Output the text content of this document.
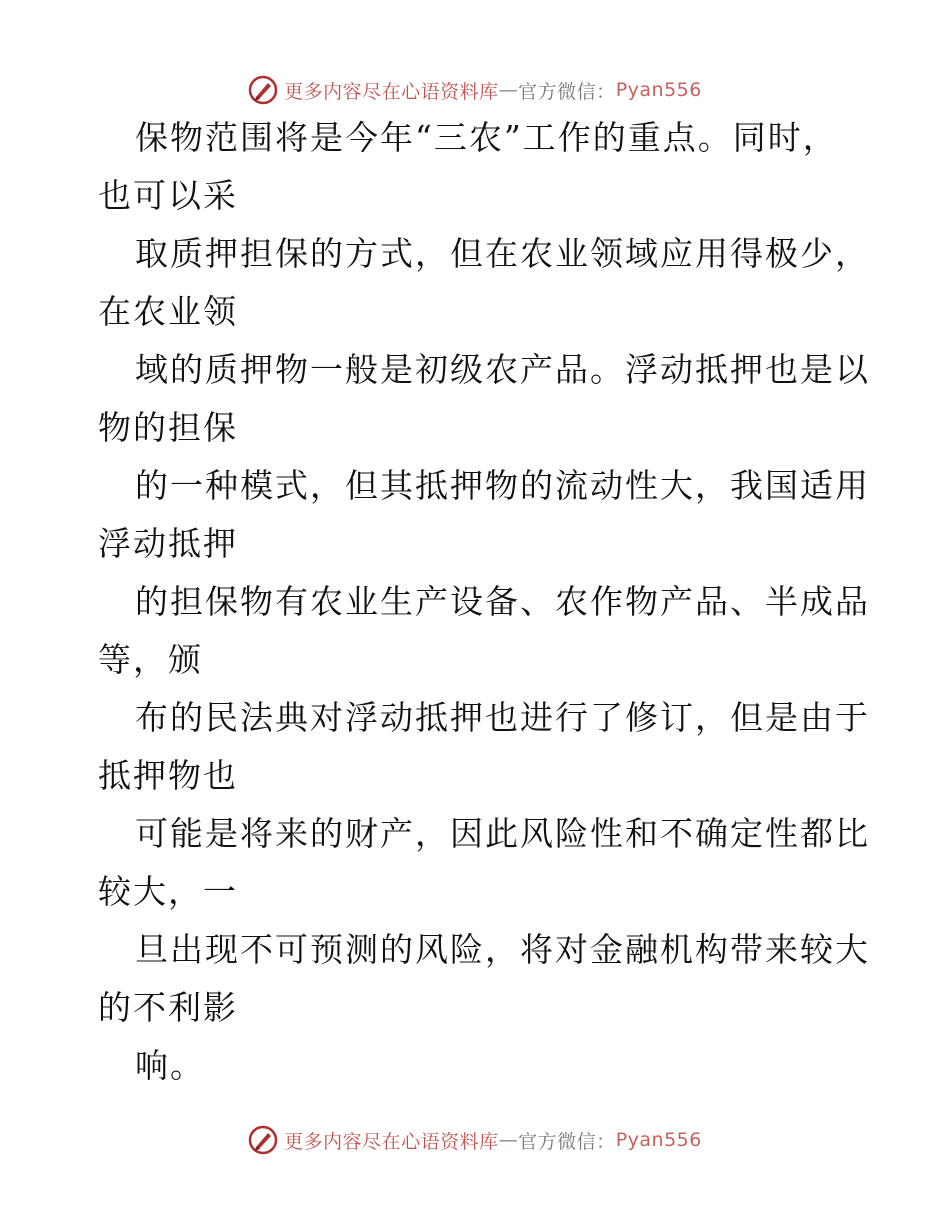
更多内容尽在心语资料库 — 官方微信： Pyan556
保物范围将是今年“三农”工作的重点。同时，
也可以采
取质押担保的方式，但在农业领域应用得极少，
在农业领
域的质押物一般是初级农产品。浮动抵押也是以
物的担保
的一种模式，但其抵押物的流动性大，我国适用
浮动抵押
的担保物有农业生产设备、农作物产品、半成品
等，颁
布的民法典对浮动抵押也进行了修订，但是由于
抵押物也
可能是将来的财产，因此风险性和不确定性都比
较大，一
旦出现不可预测的风险，将对金融机构带来较大
的不利影
响。
更多内容尽在心语资料库 — 官方微信： Pyan556
